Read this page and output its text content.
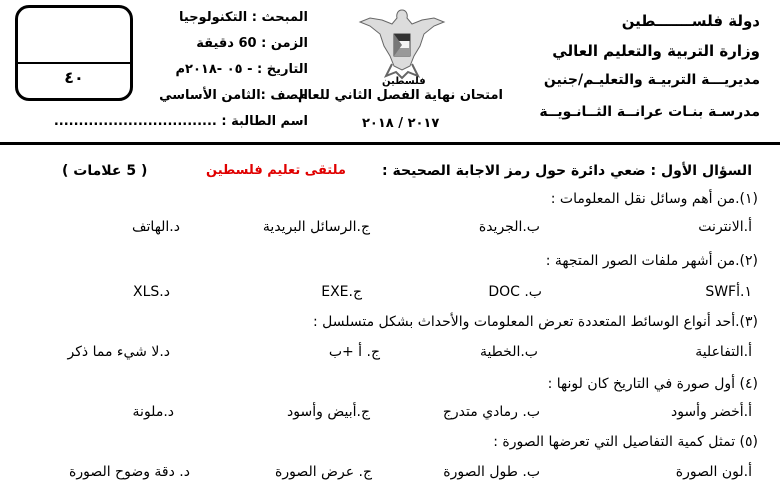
دولة فلســـــــطين
وزارة التربية والتعليم العالي
مديريـــة التربيـة والتعليـم/جنين
مدرسـة بنـات عرانــة الثــانـويــة
فلسطين
امتحان نهاية الفصل الثاني للعام
٢٠١٧ / ٢٠١٨
المبحث : التكنولوجيا
الزمن : 60 دقيقة
التاريخ : - ٠٥ -٢٠١٨م
الصف :الثامن الأساسي
اسم الطالبة : .................................
٤٠
السؤال الأول : ضعي دائرة حول رمز الاجابة الصحيحة :
ملتقى تعليم فلسطين
( 5 علامات )
(١).من أهم وسائل نقل المعلومات :
أ.الانترنت
ب.الجريدة
ج.الرسائل البريدية
د.الهاتف
(٢).من أشهر ملفات الصور المتجهة :
SWF١.أ
ب. DOC
EXE.ج
XLS.د
(٣).أحد أنواع الوسائط المتعددة تعرض المعلومات والأحداث بشكل متسلسل :
أ.التفاعلية
ب.الخطية
ج. أ +ب
د.لا شيء مما ذكر
(٤) أول صورة في التاريخ كان لونها :
أ.أخضر وأسود
ب. رمادي متدرج
ج.أبيض وأسود
د.ملونة
(٥) تمثل كمية التفاصيل التي تعرضها الصورة :
أ.لون الصورة
ب. طول الصورة
ج. عرض الصورة
د. دقة وضوح الصورة
